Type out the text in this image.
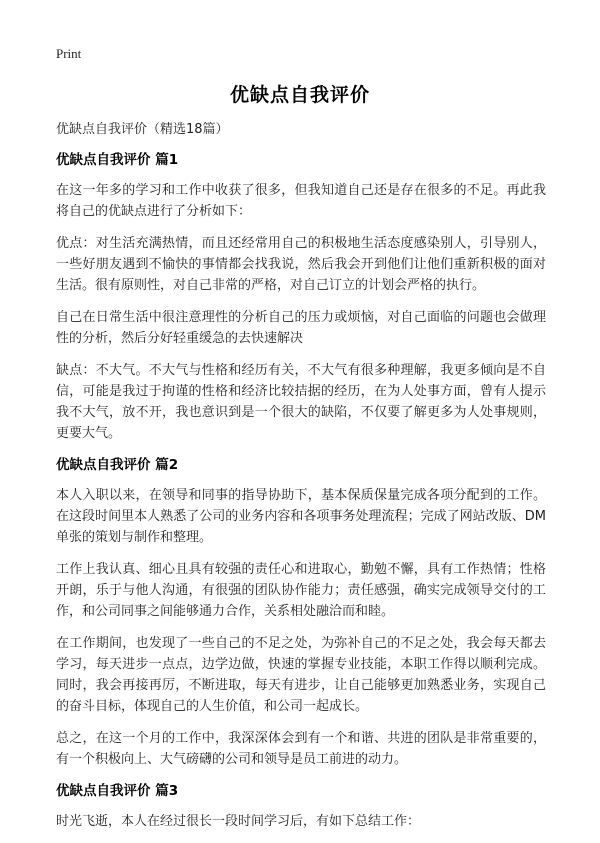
Print
优缺点自我评价
优缺点自我评价（精选18篇）
优缺点自我评价 篇1

在这一年多的学习和工作中收获了很多，但我知道自己还是存在很多的不足。再此我将自己的优缺点进行了分析如下：

优点：对生活充满热情，而且还经常用自己的积极地生活态度感染别人，引导别人，一些好朋友遇到不愉快的事情都会找我说，然后我会开到他们让他们重新积极的面对生活。很有原则性，对自己非常的严格，对自己订立的计划会严格的执行。

自己在日常生活中很注意理性的分析自己的压力或烦恼，对自己面临的问题也会做理性的分析，然后分好轻重缓急的去快速解决

缺点：不大气。不大气与性格和经历有关，不大气有很多种理解，我更多倾向是不自信，可能是我过于拘谨的性格和经济比较拮据的经历，在为人处事方面，曾有人提示我不大气，放不开，我也意识到是一个很大的缺陷，不仅要了解更多为人处事规则，更要大气。

优缺点自我评价 篇2

本人入职以来，在领导和同事的指导协助下，基本保质保量完成各项分配到的工作。在这段时间里本人熟悉了公司的业务内容和各项事务处理流程；完成了网站改版、DM单张的策划与制作和整理。

工作上我认真、细心且具有较强的责任心和进取心，勤勉不懈，具有工作热情；性格开朗，乐于与他人沟通，有很强的团队协作能力；责任感强，确实完成领导交付的工作，和公司同事之间能够通力合作，关系相处融洽而和睦。

在工作期间，也发现了一些自己的不足之处，为弥补自己的不足之处，我会每天都去学习，每天进步一点点，边学边做，快速的掌握专业技能，本职工作得以顺利完成。同时，我会再接再厉，不断进取，每天有进步，让自己能够更加熟悉业务，实现自己的奋斗目标，体现自己的人生价值，和公司一起成长。

总之，在这一个月的工作中，我深深体会到有一个和谐、共进的团队是非常重要的，有一个积极向上、大气磅礴的公司和领导是员工前进的动力。

优缺点自我评价 篇3

时光飞逝，本人在经过很长一段时间学习后，有如下总结工作：
